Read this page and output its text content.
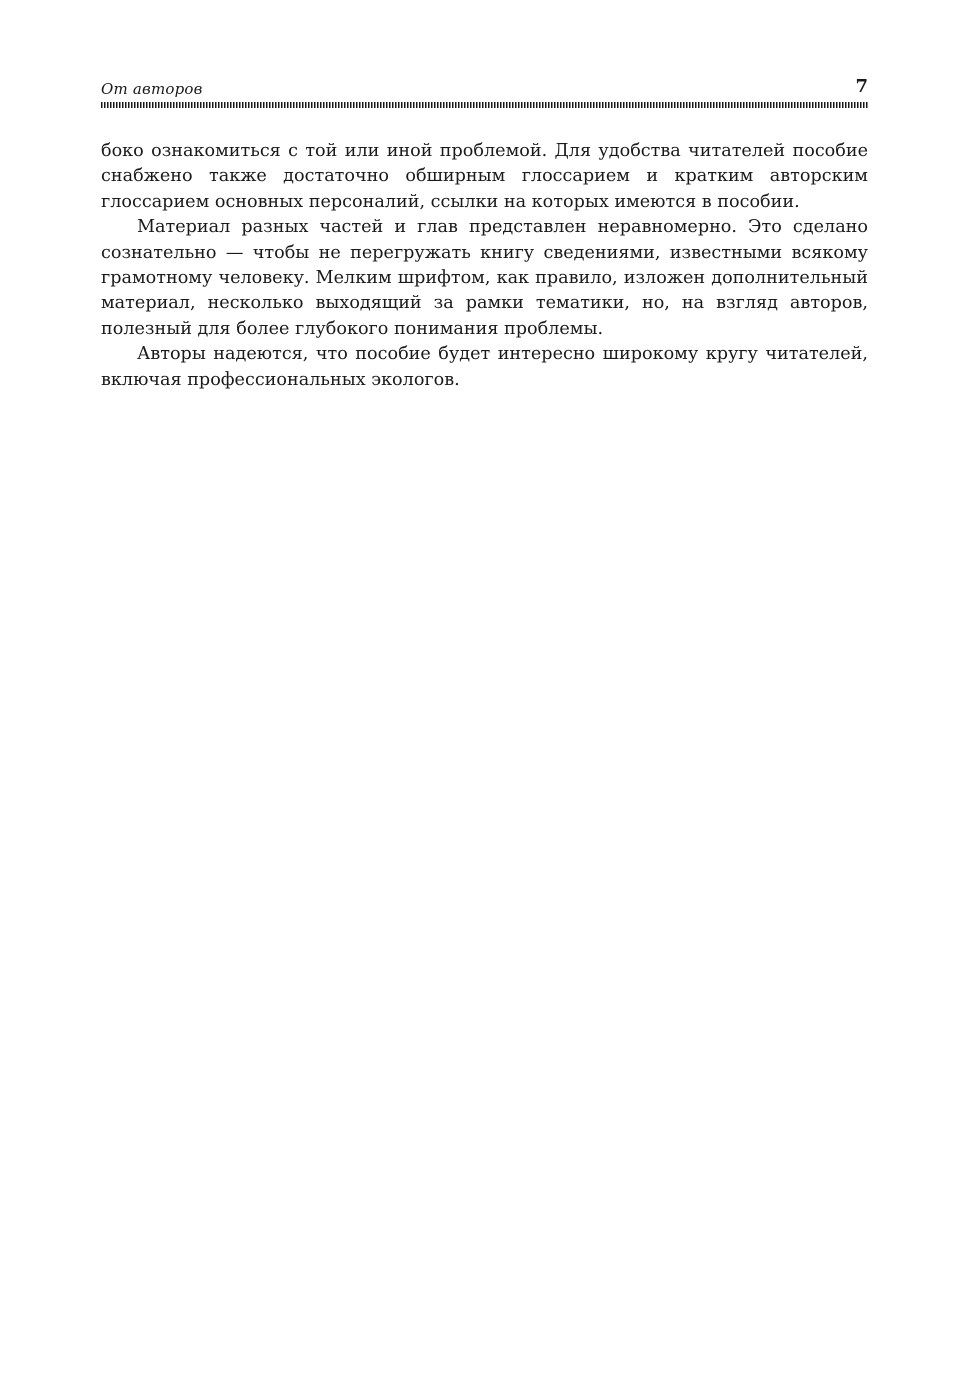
От авторов	7

боко ознакомиться с той или иной проблемой. Для удобства читателей пособие снабжено также достаточно обширным глоссарием и кратким авторским глоссарием основных персоналий, ссылки на которых имеются в пособии.

Материал разных частей и глав представлен неравномерно. Это сделано сознательно — чтобы не перегружать книгу сведениями, известными всякому грамотному человеку. Мелким шрифтом, как правило, изложен дополнительный материал, несколько выходящий за рамки тематики, но, на взгляд авторов, полезный для более глубокого понимания проблемы.

Авторы надеются, что пособие будет интересно широкому кругу читателей, включая профессиональных экологов.
